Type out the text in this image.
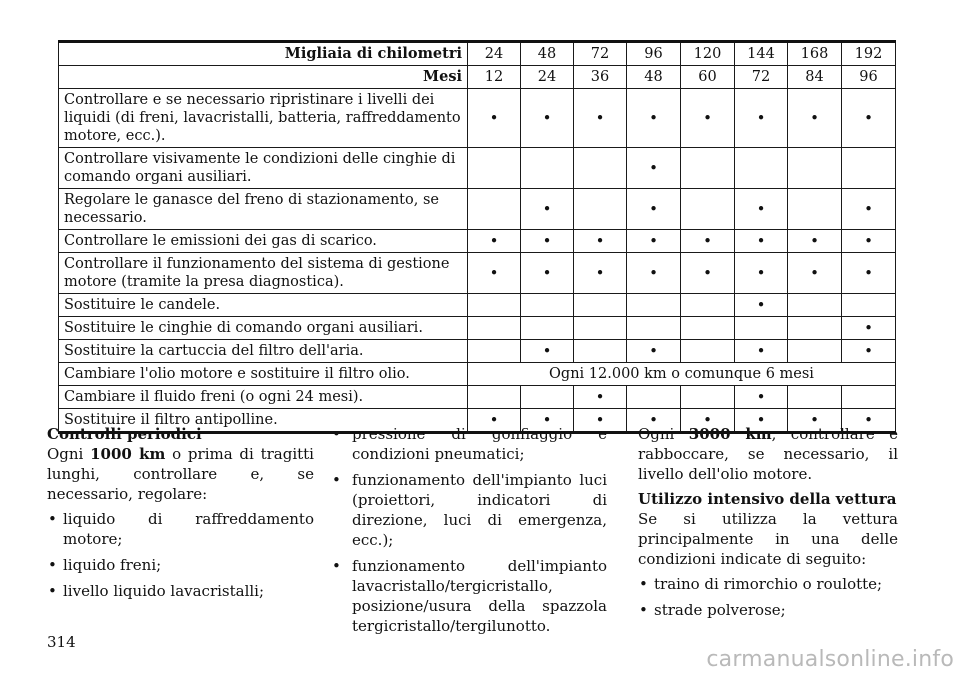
Migliaia di chilometri	24	48	72	96	120	144	168	192
Mesi	12	24	36	48	60	72	84	96
Controllare e se necessario ripristinare i livelli dei liquidi (di freni, lavacristalli, batteria, raffreddamento motore, ecc.).	•	•	•	•	•	•	•	•
Controllare visivamente le condizioni delle cinghie di comando organi ausiliari.				•				
Regolare le ganasce del freno di stazionamento, se necessario.		•		•		•		•
Controllare le emissioni dei gas di scarico.	•	•	•	•	•	•	•	•
Controllare il funzionamento del sistema di gestione motore (tramite la presa diagnostica).	•	•	•	•	•	•	•	•
Sostituire le candele.						•		
Sostituire le cinghie di comando organi ausiliari.								•
Sostituire la cartuccia del filtro dell'aria.		•		•		•		•
Cambiare l'olio motore e sostituire il filtro olio.	Ogni 12.000 km o comunque 6 mesi							
Cambiare il fluido freni (o ogni 24 mesi).			•			•		
Sostituire il filtro antipolline.	•	•	•	•	•	•	•	•

Controlli periodici

Ogni 1000 km o prima di tragitti lunghi, controllare e, se necessario, regolare:

• liquido di raffreddamento motore;
• liquido freni;
• livello liquido lavacristalli;
• pressione di gonfiaggio e condizioni pneumatici;
• funzionamento dell'impianto luci (proiettori, indicatori di direzione, luci di emergenza, ecc.);
• funzionamento dell'impianto lavacristallo/tergicristallo, posizione/usura della spazzola tergicristallo/tergilunotto.

Ogni 3000 km, controllare e rabboccare, se necessario, il livello dell'olio motore.

Utilizzo intensivo della vettura

Se si utilizza la vettura principalmente in una delle condizioni indicate di seguito:

• traino di rimorchio o roulotte;
• strade polverose;
314
carmanualsonline.info
